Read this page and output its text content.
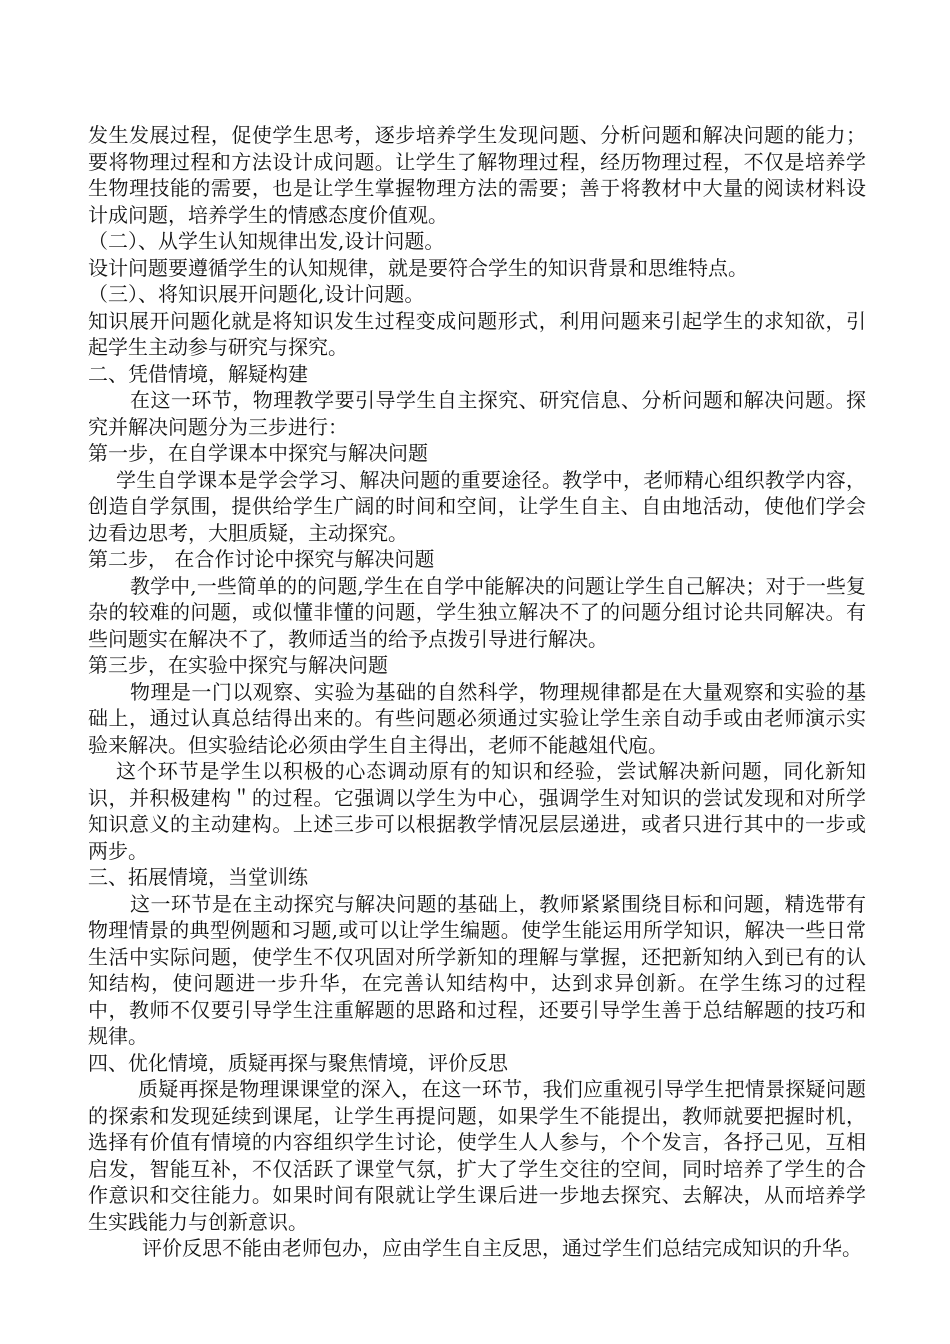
发生发展过程，促使学生思考，逐步培养学生发现问题、分析问题和解决问题的能力；要将物理过程和方法设计成问题。让学生了解物理过程，经历物理过程，不仅是培养学生物理技能的需要，也是让学生掌握物理方法的需要；善于将教材中大量的阅读材料设计成问题，培养学生的情感态度价值观。

（二）、从学生认知规律出发,设计问题。

设计问题要遵循学生的认知规律，就是要符合学生的知识背景和思维特点。

（三）、将知识展开问题化,设计问题。

知识展开问题化就是将知识发生过程变成问题形式，利用问题来引起学生的求知欲，引起学生主动参与研究与探究。

二、凭借情境，解疑构建

在这一环节，物理教学要引导学生自主探究、研究信息、分析问题和解决问题。探究并解决问题分为三步进行：

第一步，在自学课本中探究与解决问题

学生自学课本是学会学习、解决问题的重要途径。教学中，老师精心组织教学内容，创造自学氛围，提供给学生广阔的时间和空间，让学生自主、自由地活动，使他们学会边看边思考，大胆质疑，主动探究。

第二步， 在合作讨论中探究与解决问题

教学中,一些简单的的问题,学生在自学中能解决的问题让学生自己解决；对于一些复杂的较难的问题，或似懂非懂的问题，学生独立解决不了的问题分组讨论共同解决。有些问题实在解决不了，教师适当的给予点拨引导进行解决。

第三步，在实验中探究与解决问题

物理是一门以观察、实验为基础的自然科学，物理规律都是在大量观察和实验的基础上，通过认真总结得出来的。有些问题必须通过实验让学生亲自动手或由老师演示实验来解决。但实验结论必须由学生自主得出，老师不能越俎代庖。

这个环节是学生以积极的心态调动原有的知识和经验，尝试解决新问题，同化新知识，并积极建构＂的过程。它强调以学生为中心，强调学生对知识的尝试发现和对所学知识意义的主动建构。上述三步可以根据教学情况层层递进，或者只进行其中的一步或两步。

三、拓展情境，当堂训练

这一环节是在主动探究与解决问题的基础上，教师紧紧围绕目标和问题，精选带有物理情景的典型例题和习题,或可以让学生编题。使学生能运用所学知识，解决一些日常生活中实际问题，使学生不仅巩固对所学新知的理解与掌握，还把新知纳入到已有的认知结构，使问题进一步升华，在完善认知结构中，达到求异创新。在学生练习的过程中，教师不仅要引导学生注重解题的思路和过程，还要引导学生善于总结解题的技巧和规律。

四、优化情境，质疑再探与聚焦情境，评价反思

质疑再探是物理课课堂的深入，在这一环节，我们应重视引导学生把情景探疑问题的探索和发现延续到课尾，让学生再提问题，如果学生不能提出，教师就要把握时机，选择有价值有情境的内容组织学生讨论，使学生人人参与，个个发言，各抒己见，互相启发，智能互补，不仅活跃了课堂气氛，扩大了学生交往的空间，同时培养了学生的合作意识和交往能力。如果时间有限就让学生课后进一步地去探究、去解决，从而培养学生实践能力与创新意识。

评价反思不能由老师包办，应由学生自主反思，通过学生们总结完成知识的升华。
